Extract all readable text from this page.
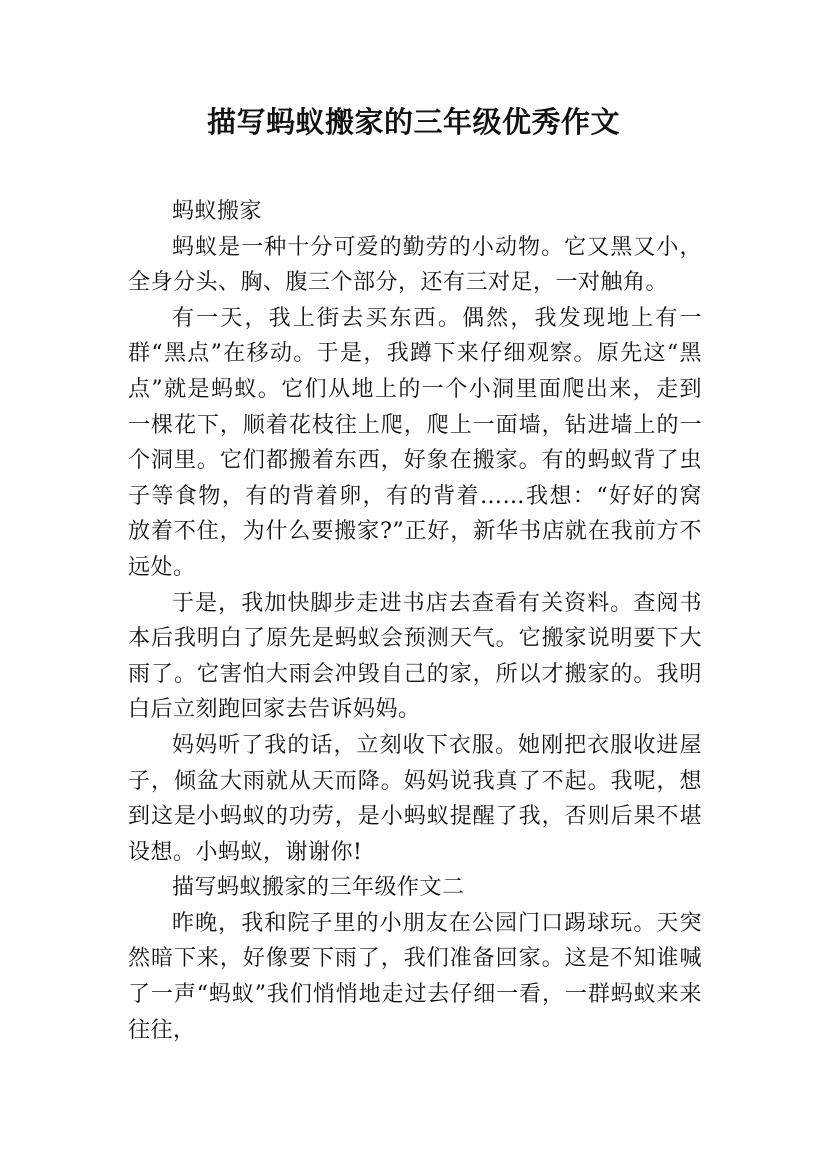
描写蚂蚁搬家的三年级优秀作文

蚂蚁搬家

蚂蚁是一种十分可爱的勤劳的小动物。它又黑又小，全身分头、胸、腹三个部分，还有三对足，一对触角。

有一天，我上街去买东西。偶然，我发现地上有一群“黑点”在移动。于是，我蹲下来仔细观察。原先这“黑点”就是蚂蚁。它们从地上的一个小洞里面爬出来，走到一棵花下，顺着花枝往上爬，爬上一面墙，钻进墙上的一个洞里。它们都搬着东西，好象在搬家。有的蚂蚁背了虫子等食物，有的背着卵，有的背着……我想：“好好的窝放着不住，为什么要搬家?”正好，新华书店就在我前方不远处。

于是，我加快脚步走进书店去查看有关资料。查阅书本后我明白了原先是蚂蚁会预测天气。它搬家说明要下大雨了。它害怕大雨会冲毁自己的家，所以才搬家的。我明白后立刻跑回家去告诉妈妈。

妈妈听了我的话，立刻收下衣服。她刚把衣服收进屋子，倾盆大雨就从天而降。妈妈说我真了不起。我呢，想到这是小蚂蚁的功劳，是小蚂蚁提醒了我，否则后果不堪设想。小蚂蚁，谢谢你!

描写蚂蚁搬家的三年级作文二

昨晚，我和院子里的小朋友在公园门口踢球玩。天突然暗下来，好像要下雨了，我们准备回家。这是不知谁喊了一声“蚂蚁”我们悄悄地走过去仔细一看，一群蚂蚁来来往往，
